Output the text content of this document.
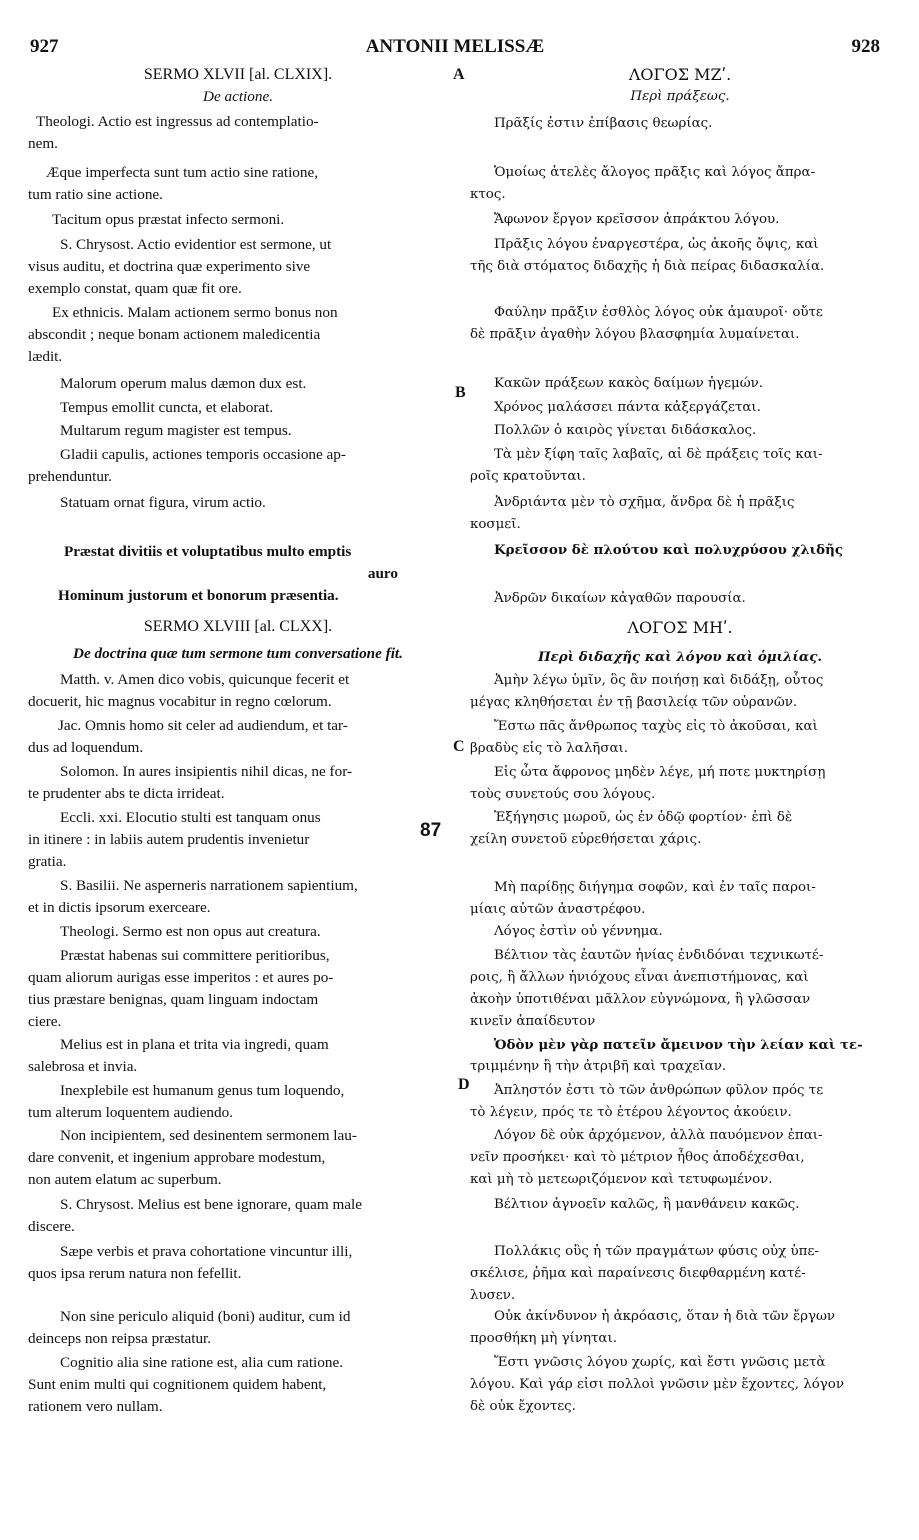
927	ANTONII MELISSÆ	928
A
B
C
D
87
SERMO XLVII [al. CLXIX].
De actione.
Theologi. Actio est ingressus ad contemplatio-
nem.
Æque imperfecta sunt tum actio sine ratione,
tum ratio sine actione.
Tacitum opus præstat infecto sermoni.
S. Chrysost. Actio evidentior est sermone, ut
visus auditu, et doctrina quæ experimento sive
exemplo constat, quam quæ fit ore.
Ex ethnicis. Malam actionem sermo bonus non
abscondit ; neque bonam actionem maledicentia
lædit.
Malorum operum malus dæmon dux est.
Tempus emollit cuncta, et elaborat.
Multarum regum magister est tempus.
Gladii capulis, actiones temporis occasione ap-
prehenduntur.
Statuam ornat figura, virum actio.
Præstat divitiis et voluptatibus multo emptis
auro
Hominum justorum et bonorum præsentia.
SERMO XLVIII [al. CLXX].
De doctrina quæ tum sermone tum conversatione fit.
Matth. v. Amen dico vobis, quicunque fecerit et
docuerit, hic magnus vocabitur in regno cœlorum.
Jac. Omnis homo sit celer ad audiendum, et tar-
dus ad loquendum.
Solomon. In aures insipientis nihil dicas, ne for-
te prudenter abs te dicta irrideat.
Eccli. xxi. Elocutio stulti est tanquam onus
in itinere : in labiis autem prudentis invenietur
gratia.
S. Basilii. Ne asperneris narrationem sapientium,
et in dictis ipsorum exerceare.
Theologi. Sermo est non opus aut creatura.
Præstat habenas sui committere peritioribus,
quam aliorum aurigas esse imperitos : et aures po-
tius præstare benignas, quam linguam indoctam
ciere.
Melius est in plana et trita via ingredi, quam
salebrosa et invia.
Inexplebile est humanum genus tum loquendo,
tum alterum loquentem audiendo.
Non incipientem, sed desinentem sermonem lau-
dare convenit, et ingenium approbare modestum,
non autem elatum ac superbum.
S. Chrysost. Melius est bene ignorare, quam male
discere.
Sæpe verbis et prava cohortatione vincuntur illi,
quos ipsa rerum natura non fefellit.
Non sine periculo aliquid (boni) auditur, cum id
deinceps non reipsa præstatur.
Cognitio alia sine ratione est, alia cum ratione.
Sunt enim multi qui cognitionem quidem habent,
rationem vero nullam.
ΛΟΓΟΣ ΜΖʹ.
Περὶ πράξεως.
Πρᾶξίς ἐστιν ἐπίβασις θεωρίας.
Ὁμοίως ἀτελὲς ἄλογος πρᾶξις καὶ λόγος ἄπρα-
κτος.
Ἄφωνον ἔργον κρεῖσσον ἀπράκτου λόγου.
Πρᾶξις λόγου ἐναργεστέρα, ὡς ἀκοῆς ὄψις, καὶ
τῆς διὰ στόματος διδαχῆς ἡ διὰ πείρας διδασκαλία.
Φαύλην πρᾶξιν ἐσθλὸς λόγος οὐκ ἀμαυροῖ· οὔτε
δὲ πρᾶξιν ἀγαθὴν λόγου βλασφημία λυμαίνεται.
Κακῶν πράξεων κακὸς δαίμων ἡγεμών.
Χρόνος μαλάσσει πάντα κἀξεργάζεται.
Πολλῶν ὁ καιρὸς γίνεται διδάσκαλος.
Τὰ μὲν ξίφη ταῖς λαβαῖς, αἱ δὲ πράξεις τοῖς και-
ροῖς κρατοῦνται.
Ἀνδριάντα μὲν τὸ σχῆμα, ἄνδρα δὲ ἡ πρᾶξις
κοσμεῖ.
Κρεῖσσον δὲ πλούτου καὶ πολυχρύσου χλιδῆς
Ἀνδρῶν δικαίων κἀγαθῶν παρουσία.
ΛΟΓΟΣ ΜΗʹ.
Περὶ διδαχῆς καὶ λόγου καὶ ὁμιλίας.
Ἀμὴν λέγω ὑμῖν, ὃς ἂν ποιήσῃ καὶ διδάξῃ, οὗτος
μέγας κληθήσεται ἐν τῇ βασιλείᾳ τῶν οὐρανῶν.
Ἔστω πᾶς ἄνθρωπος ταχὺς εἰς τὸ ἀκοῦσαι, καὶ
βραδὺς εἰς τὸ λαλῆσαι.
Εἰς ὦτα ἄφρονος μηδὲν λέγε, μή ποτε μυκτηρίσῃ
τοὺς συνετούς σου λόγους.
Ἐξήγησις μωροῦ, ὡς ἐν ὁδῷ φορτίον· ἐπὶ δὲ
χείλη συνετοῦ εὑρεθήσεται χάρις.
Μὴ παρίδῃς διήγημα σοφῶν, καὶ ἐν ταῖς παροι-
μίαις αὐτῶν ἀναστρέφου.
Λόγος ἐστὶν οὐ γέννημα.
Βέλτιον τὰς ἑαυτῶν ἡνίας ἐνδιδόναι τεχνικωτέ-
ροις, ἢ ἄλλων ἡνιόχους εἶναι ἀνεπιστήμονας, καὶ
ἀκοὴν ὑποτιθέναι μᾶλλον εὐγνώμονα, ἢ γλῶσσαν
κινεῖν ἀπαίδευτον
Ὁδὸν μὲν γὰρ πατεῖν ἄμεινον τὴν λείαν καὶ τε-
τριμμένην ἢ τὴν ἀτριβῆ καὶ τραχεῖαν.
Ἀπληστόν ἐστι τὸ τῶν ἀνθρώπων φῦλον πρός τε
τὸ λέγειν, πρός τε τὸ ἑτέρου λέγοντος ἀκούειν.
Λόγον δὲ οὐκ ἀρχόμενον, ἀλλὰ παυόμενον ἐπαι-
νεῖν προσήκει· καὶ τὸ μέτριον ἦθος ἀποδέχεσθαι,
καὶ μὴ τὸ μετεωριζόμενον καὶ τετυφωμένον.
Βέλτιον ἀγνοεῖν καλῶς, ἢ μανθάνειν κακῶς.
Πολλάκις οὓς ἡ τῶν πραγμάτων φύσις οὐχ ὑπε-
σκέλισε, ῥῆμα καὶ παραίνεσις διεφθαρμένη κατέ-
λυσεν.
Οὐκ ἀκίνδυνον ἡ ἀκρόασις, ὅταν ἡ διὰ τῶν ἔργων
προσθήκη μὴ γίνηται.
Ἔστι γνῶσις λόγου χωρίς, καὶ ἔστι γνῶσις μετὰ
λόγου. Καὶ γάρ εἰσι πολλοὶ γνῶσιν μὲν ἔχοντες, λόγον
δὲ οὐκ ἔχοντες.
